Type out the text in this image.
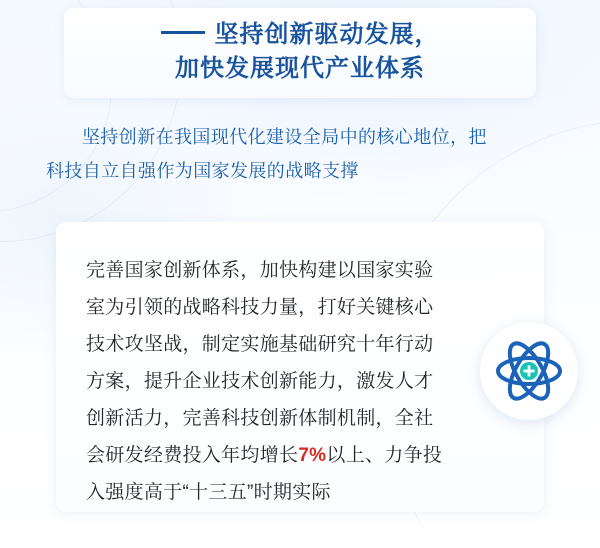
坚持创新驱动发展，
加快发展现代产业体系
坚持创新在我国现代化建设全局中的核心地位，把
科技自立自强作为国家发展的战略支撑
完善国家创新体系，加快构建以国家实验室为引领的战略科技力量，打好关键核心技术攻坚战，制定实施基础研究十年行动方案，提升企业技术创新能力，激发人才创新活力，完善科技创新体制机制，全社会研发经费投入年均增长7%以上、力争投入强度高于“十三五”时期实际
